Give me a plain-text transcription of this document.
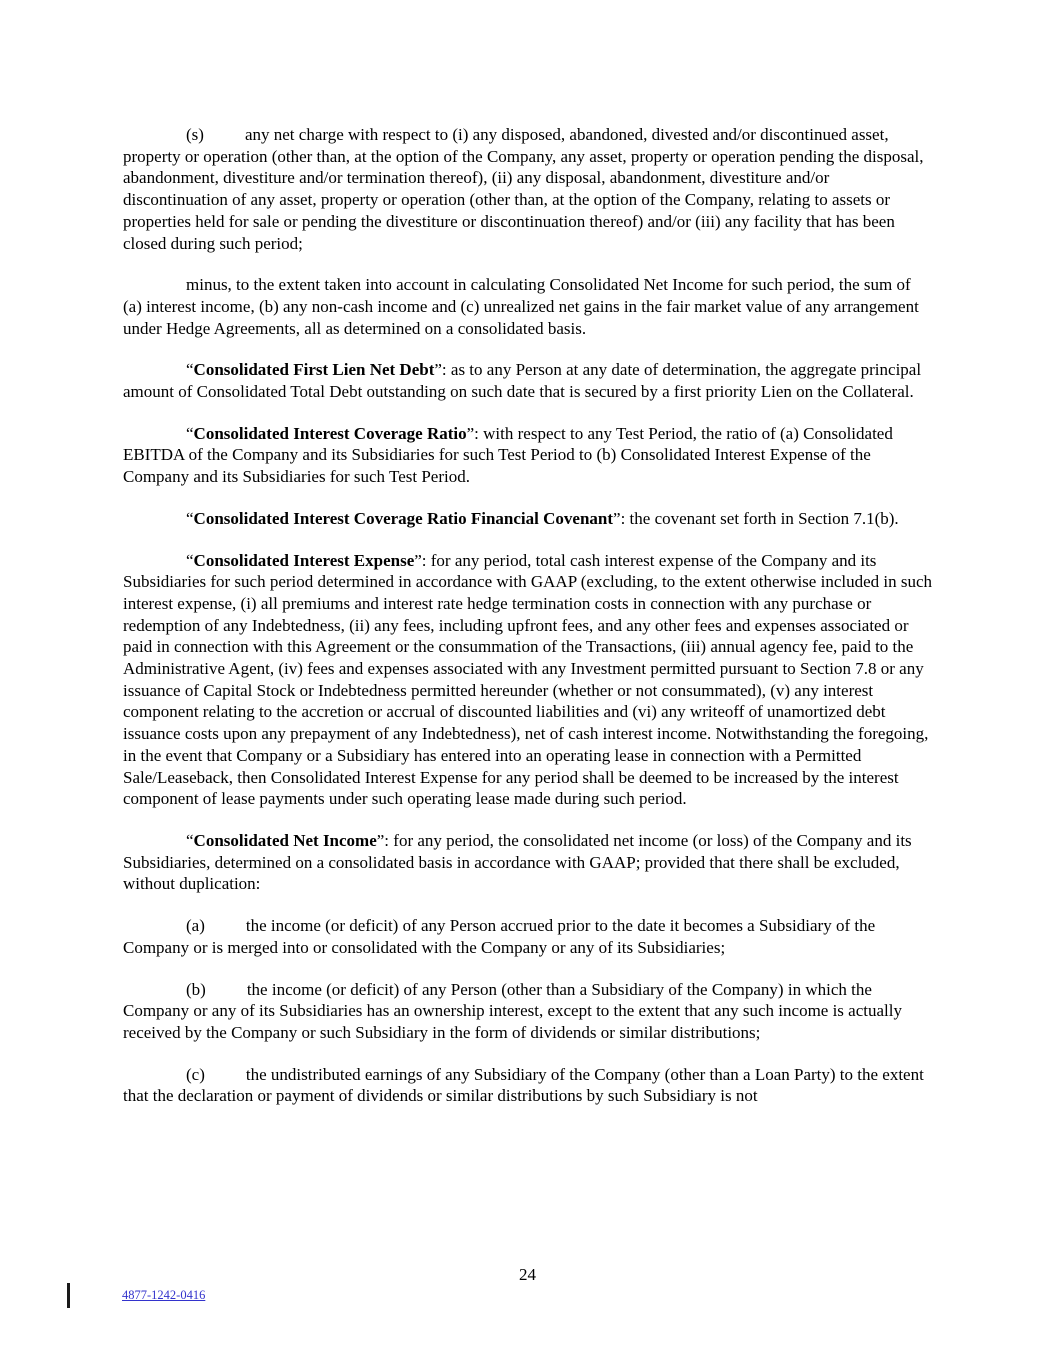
(s) any net charge with respect to (i) any disposed, abandoned, divested and/or discontinued asset, property or operation (other than, at the option of the Company, any asset, property or operation pending the disposal, abandonment, divestiture and/or termination thereof), (ii) any disposal, abandonment, divestiture and/or discontinuation of any asset, property or operation (other than, at the option of the Company, relating to assets or properties held for sale or pending the divestiture or discontinuation thereof) and/or (iii) any facility that has been closed during such period;

minus, to the extent taken into account in calculating Consolidated Net Income for such period, the sum of (a) interest income, (b) any non-cash income and (c) unrealized net gains in the fair market value of any arrangement under Hedge Agreements, all as determined on a consolidated basis.

“Consolidated First Lien Net Debt”: as to any Person at any date of determination, the aggregate principal amount of Consolidated Total Debt outstanding on such date that is secured by a first priority Lien on the Collateral.

“Consolidated Interest Coverage Ratio”: with respect to any Test Period, the ratio of (a) Consolidated EBITDA of the Company and its Subsidiaries for such Test Period to (b) Consolidated Interest Expense of the Company and its Subsidiaries for such Test Period.

“Consolidated Interest Coverage Ratio Financial Covenant”: the covenant set forth in Section 7.1(b).

“Consolidated Interest Expense”: for any period, total cash interest expense of the Company and its Subsidiaries for such period determined in accordance with GAAP (excluding, to the extent otherwise included in such interest expense, (i) all premiums and interest rate hedge termination costs in connection with any purchase or redemption of any Indebtedness, (ii) any fees, including upfront fees, and any other fees and expenses associated or paid in connection with this Agreement or the consummation of the Transactions, (iii) annual agency fee, paid to the Administrative Agent, (iv) fees and expenses associated with any Investment permitted pursuant to Section 7.8 or any issuance of Capital Stock or Indebtedness permitted hereunder (whether or not consummated), (v) any interest component relating to the accretion or accrual of discounted liabilities and (vi) any writeoff of unamortized debt issuance costs upon any prepayment of any Indebtedness), net of cash interest income. Notwithstanding the foregoing, in the event that Company or a Subsidiary has entered into an operating lease in connection with a Permitted Sale/Leaseback, then Consolidated Interest Expense for any period shall be deemed to be increased by the interest component of lease payments under such operating lease made during such period.

“Consolidated Net Income”: for any period, the consolidated net income (or loss) of the Company and its Subsidiaries, determined on a consolidated basis in accordance with GAAP; provided that there shall be excluded, without duplication:

(a) the income (or deficit) of any Person accrued prior to the date it becomes a Subsidiary of the Company or is merged into or consolidated with the Company or any of its Subsidiaries;

(b) the income (or deficit) of any Person (other than a Subsidiary of the Company) in which the Company or any of its Subsidiaries has an ownership interest, except to the extent that any such income is actually received by the Company or such Subsidiary in the form of dividends or similar distributions;

(c) the undistributed earnings of any Subsidiary of the Company (other than a Loan Party) to the extent that the declaration or payment of dividends or similar distributions by such Subsidiary is not

24
4877-1242-0416
